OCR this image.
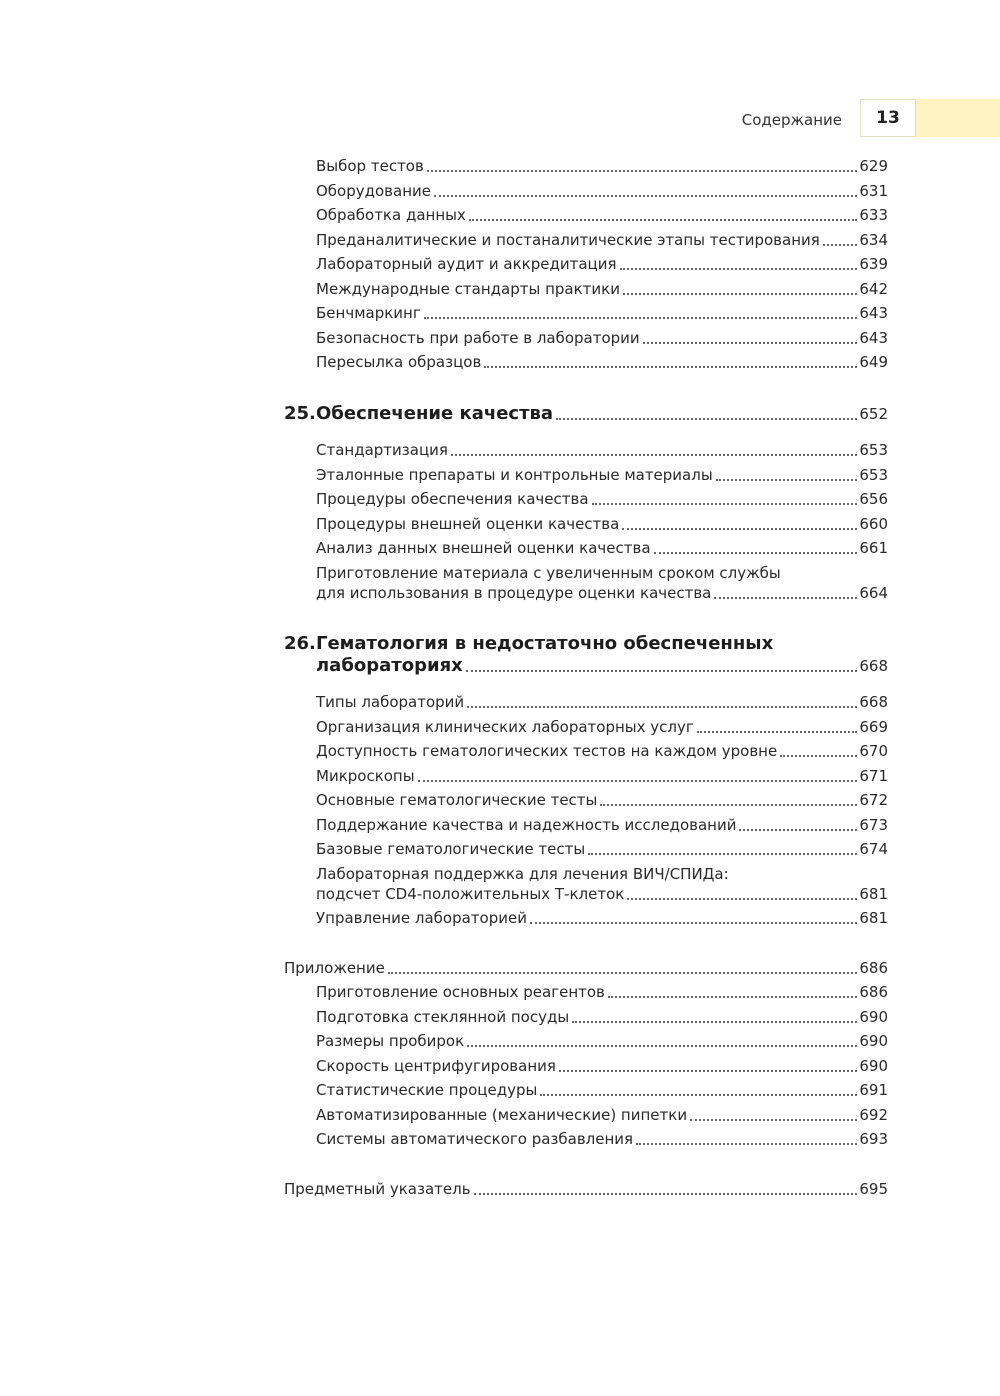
Содержание 13
Выбор тестов	629
Оборудование	631
Обработка данных	633
Преданалитические и постаналитические этапы тестирования	634
Лабораторный аудит и аккредитация	639
Международные стандарты практики	642
Бенчмаркинг	643
Безопасность при работе в лаборатории	643
Пересылка образцов	649
25. Обеспечение качества	652
Стандартизация	653
Эталонные препараты и контрольные материалы	653
Процедуры обеспечения качества	656
Процедуры внешней оценки качества	660
Анализ данных внешней оценки качества	661
Приготовление материала с увеличенным сроком службы
для использования в процедуре оценки качества	664
26.Гематология в недостаточно обеспеченных
лабораториях	668
Типы лабораторий	668
Организация клинических лабораторных услуг	669
Доступность гематологических тестов на каждом уровне	670
Микроскопы	671
Основные гематологические тесты	672
Поддержание качества и надежность исследований	673
Базовые гематологические тесты	674
Лабораторная поддержка для лечения ВИЧ/СПИДа:
подсчет CD4-положительных Т-клеток	681
Управление лабораторией	681
Приложение	686
Приготовление основных реагентов	686
Подготовка стеклянной посуды	690
Размеры пробирок	690
Скорость центрифугирования	690
Статистические процедуры	691
Автоматизированные (механические) пипетки	692
Системы автоматического разбавления	693
Предметный указатель	695
